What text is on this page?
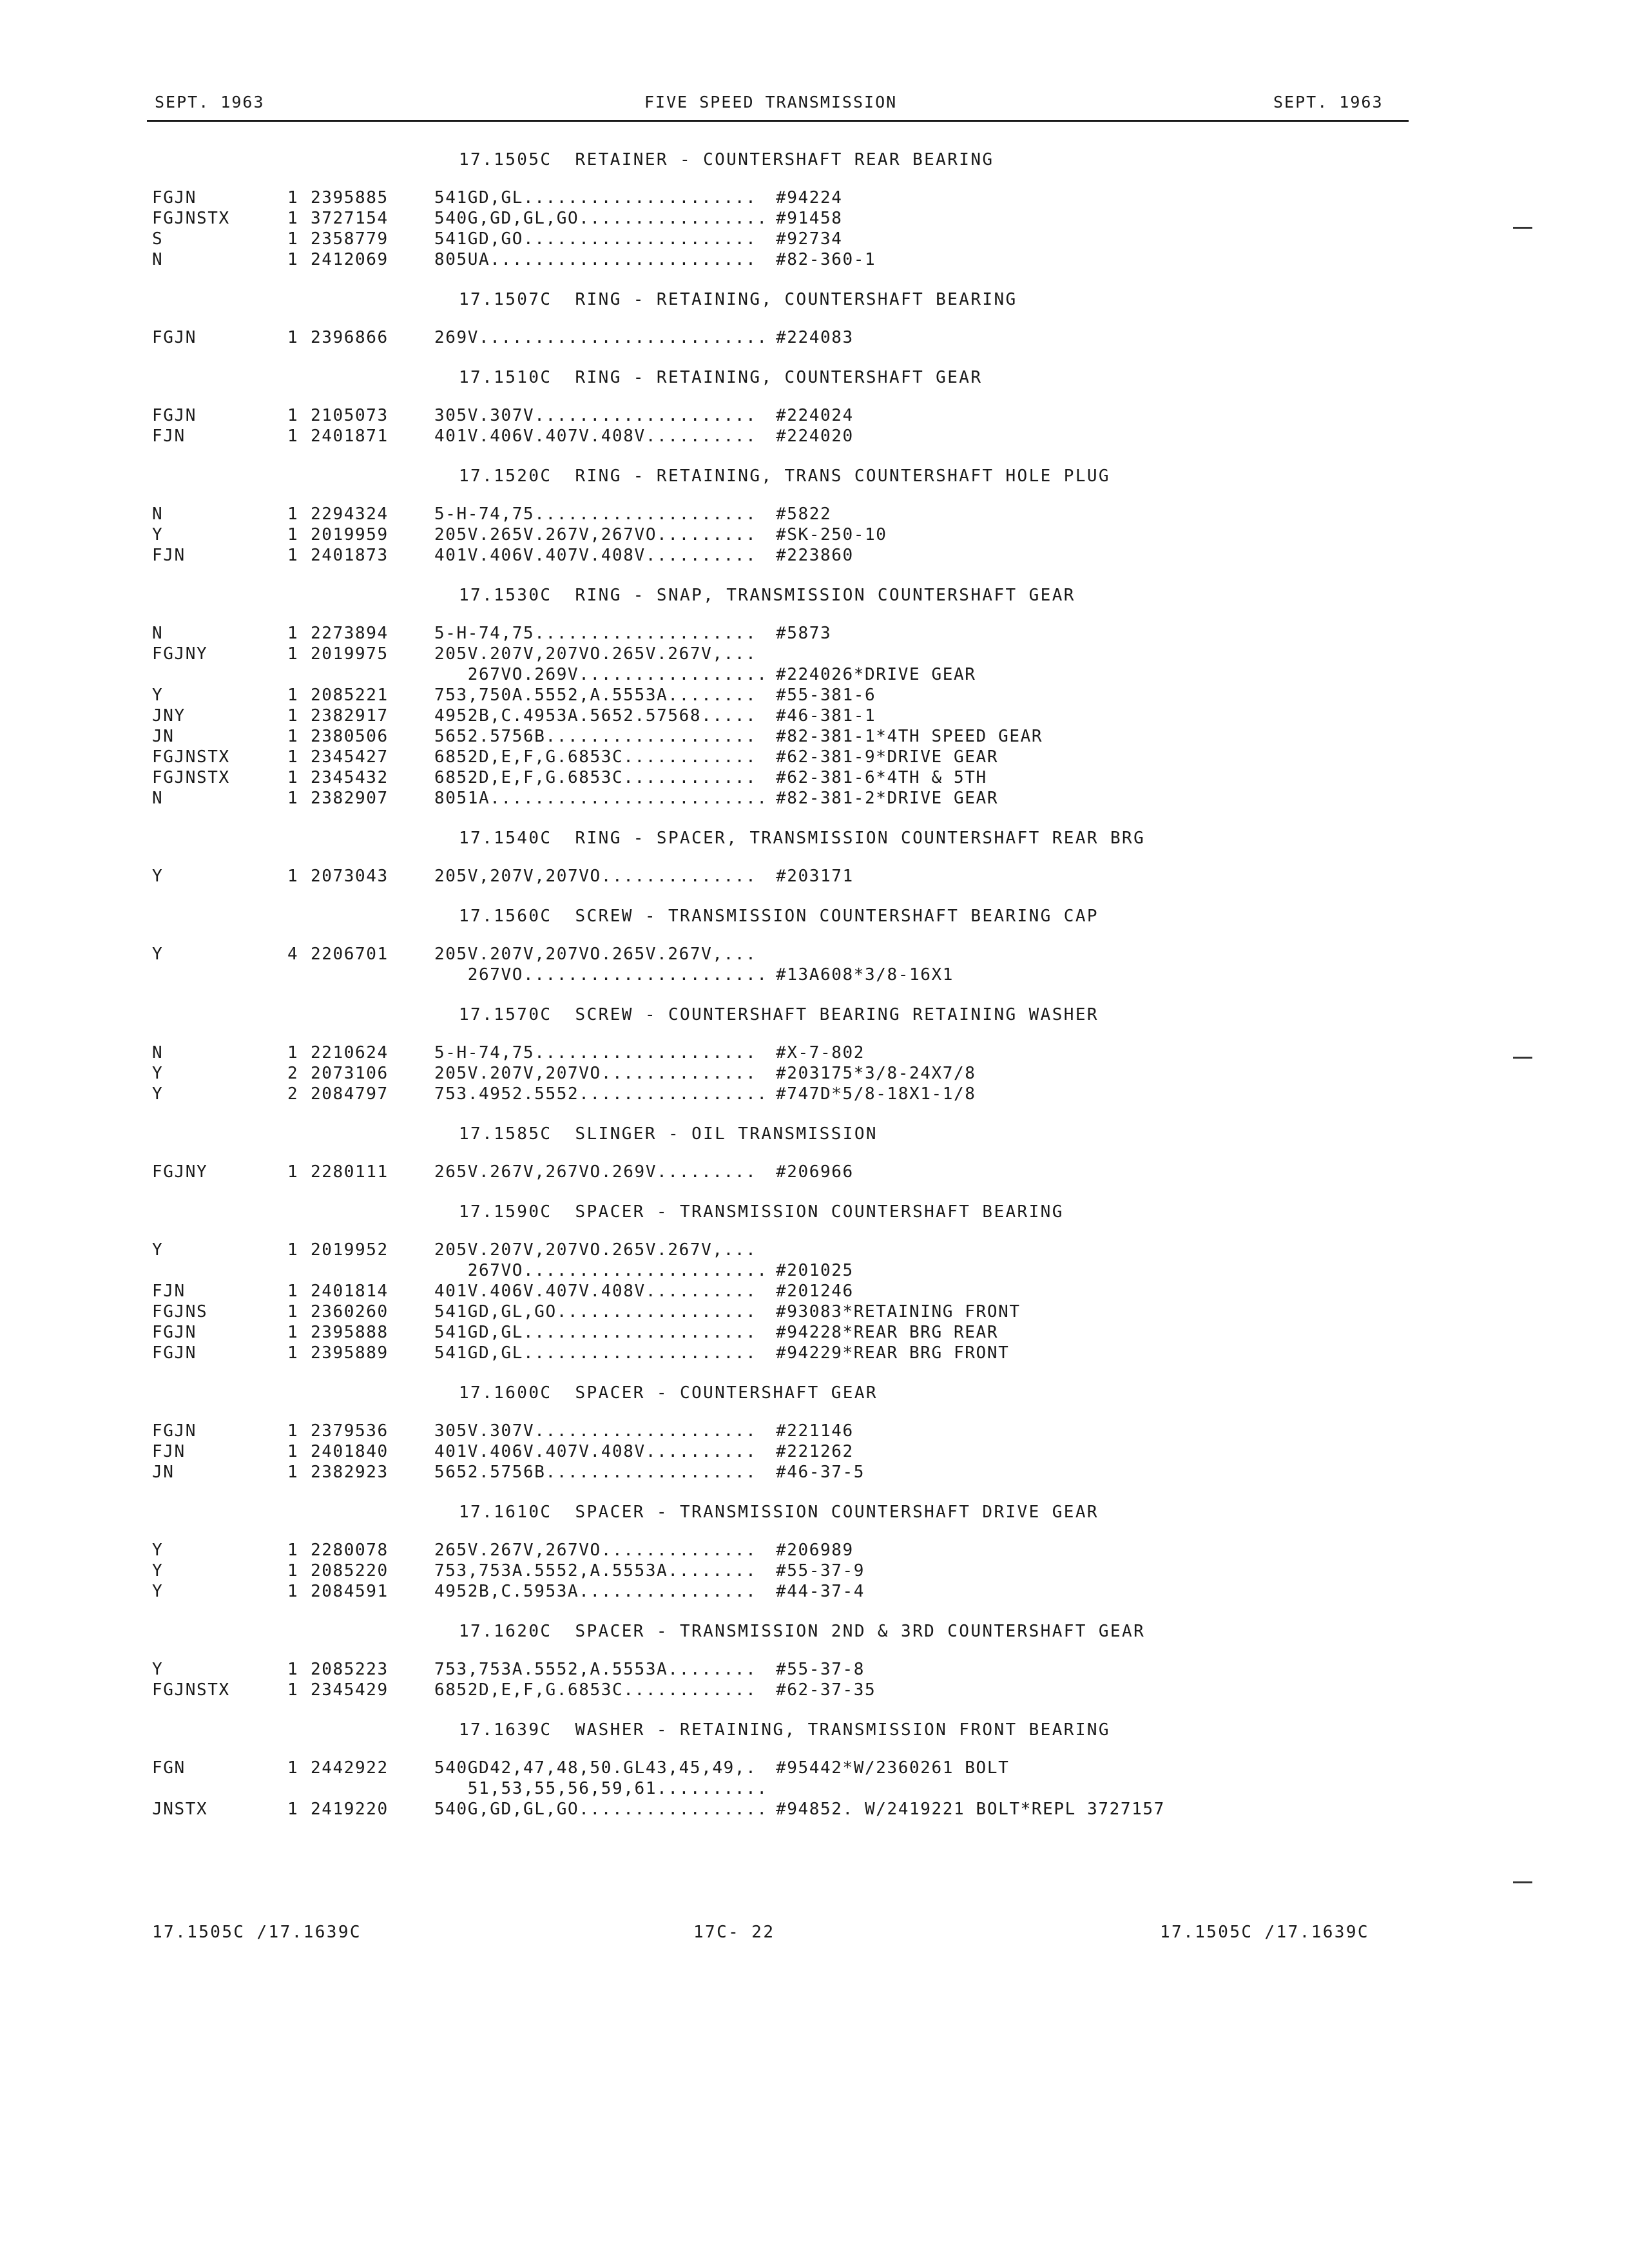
SEPT. 1963	FIVE SPEED TRANSMISSION	SEPT. 1963
17.1505C  RETAINER - COUNTERSHAFT REAR BEARING
FGJN	1 2395885	541GD,GL..................... #94224
FGJNSTX	1 3727154	540G,GD,GL,GO................. #91458
S	1 2358779	541GD,GO..................... #92734
N	1 2412069	805UA........................ #82-360-1
17.1507C  RING - RETAINING, COUNTERSHAFT BEARING
FGJN	1 2396866	269V.......................... #224083
17.1510C  RING - RETAINING, COUNTERSHAFT GEAR
FGJN	1 2105073	305V.307V.................... #224024
FJN	1 2401871	401V.406V.407V.408V.......... #224020
17.1520C  RING - RETAINING, TRANS COUNTERSHAFT HOLE PLUG
N	1 2294324	5-H-74,75.................... #5822
Y	1 2019959	205V.265V.267V,267VO......... #SK-250-10
FJN	1 2401873	401V.406V.407V.408V.......... #223860
17.1530C  RING - SNAP, TRANSMISSION COUNTERSHAFT GEAR
N	1 2273894	5-H-74,75.................... #5873
FGJNY	1 2019975	205V.207V,207VO.265V.267V,...
267VO.269V................. #224026*DRIVE GEAR
Y	1 2085221	753,750A.5552,A.5553A........ #55-381-6
JNY	1 2382917	4952B,C.4953A.5652.57568..... #46-381-1
JN	1 2380506	5652.5756B................... #82-381-1*4TH SPEED GEAR
FGJNSTX	1 2345427	6852D,E,F,G.6853C............ #62-381-9*DRIVE GEAR
FGJNSTX	1 2345432	6852D,E,F,G.6853C............ #62-381-6*4TH & 5TH
N	1 2382907	8051A......................... #82-381-2*DRIVE GEAR
17.1540C  RING - SPACER, TRANSMISSION COUNTERSHAFT REAR BRG
Y	1 2073043	205V,207V,207VO.............. #203171
17.1560C  SCREW - TRANSMISSION COUNTERSHAFT BEARING CAP
Y	4 2206701	205V.207V,207VO.265V.267V,...
267VO...................... #13A608*3/8-16X1
17.1570C  SCREW - COUNTERSHAFT BEARING RETAINING WASHER
N	1 2210624	5-H-74,75.................... #X-7-802
Y	2 2073106	205V.207V,207VO.............. #203175*3/8-24X7/8
Y	2 2084797	753.4952.5552................. #747D*5/8-18X1-1/8
17.1585C  SLINGER - OIL TRANSMISSION
FGJNY	1 2280111	265V.267V,267VO.269V......... #206966
17.1590C  SPACER - TRANSMISSION COUNTERSHAFT BEARING
Y	1 2019952	205V.207V,207VO.265V.267V,...
267VO...................... #201025
FJN	1 2401814	401V.406V.407V.408V.......... #201246
FGJNS	1 2360260	541GD,GL,GO.................. #93083*RETAINING FRONT
FGJN	1 2395888	541GD,GL..................... #94228*REAR BRG REAR
FGJN	1 2395889	541GD,GL..................... #94229*REAR BRG FRONT
17.1600C  SPACER - COUNTERSHAFT GEAR
FGJN	1 2379536	305V.307V.................... #221146
FJN	1 2401840	401V.406V.407V.408V.......... #221262
JN	1 2382923	5652.5756B................... #46-37-5
17.1610C  SPACER - TRANSMISSION COUNTERSHAFT DRIVE GEAR
Y	1 2280078	265V.267V,267VO.............. #206989
Y	1 2085220	753,753A.5552,A.5553A........ #55-37-9
Y	1 2084591	4952B,C.5953A................ #44-37-4
17.1620C  SPACER - TRANSMISSION 2ND & 3RD COUNTERSHAFT GEAR
Y	1 2085223	753,753A.5552,A.5553A........ #55-37-8
FGJNSTX	1 2345429	6852D,E,F,G.6853C............ #62-37-35
17.1639C  WASHER - RETAINING, TRANSMISSION FRONT BEARING
FGN	1 2442922	540GD42,47,48,50.GL43,45,49,. #95442*W/2360261 BOLT
51,53,55,56,59,61..........
JNSTX	1 2419220	540G,GD,GL,GO................. #94852. W/2419221 BOLT*REPL 3727157
17.1505C /17.1639C	17C- 22	17.1505C /17.1639C
